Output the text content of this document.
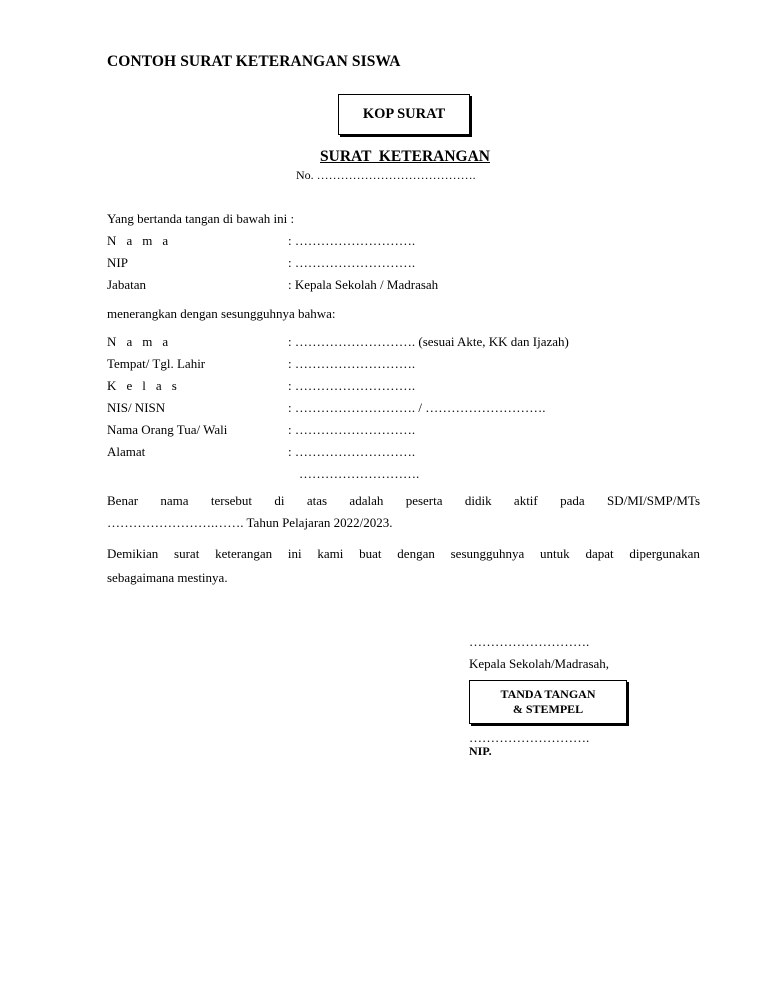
CONTOH SURAT KETERANGAN SISWA
KOP SURAT
SURAT  KETERANGAN
No. ………………………………….
Yang bertanda tangan di bawah ini :
N a m a	: ……………………….
NIP	: ……………………….
Jabatan	: Kepala Sekolah / Madrasah
menerangkan dengan sesungguhnya bahwa:
N a m a	: ………………………. (sesuai Akte, KK dan Ijazah)
Tempat/ Tgl. Lahir	: ……………………….
K e l a s	: ……………………….
NIS/ NISN	: ………………………. / ……………………….
Nama Orang Tua/ Wali	: ……………………….
Alamat	: ……………………….
……………………….
Benar nama tersebut di atas adalah peserta didik aktif pada SD/MI/SMP/MTs
…………………….……. Tahun Pelajaran 2022/2023.
Demikian surat keterangan ini kami buat dengan sesungguhnya untuk dapat dipergunakan
sebagaimana mestinya.
……………………….
Kepala Sekolah/Madrasah,
TANDA TANGAN
& STEMPEL
……………………….
NIP.
